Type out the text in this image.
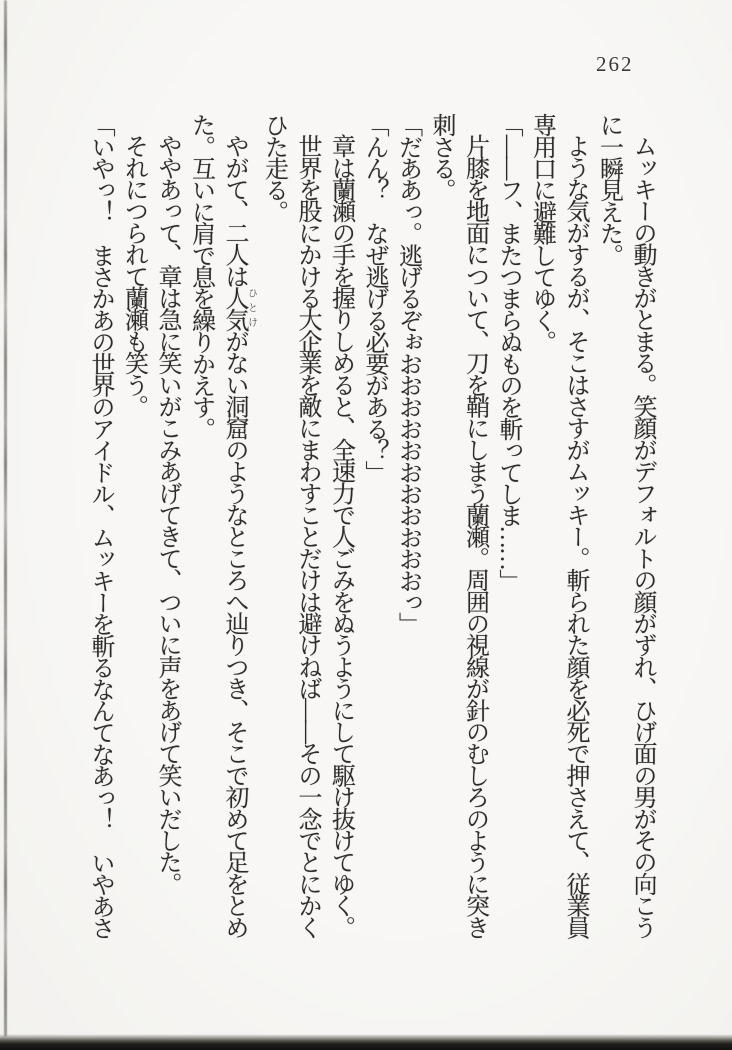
262

ムッキーの動きがとまる。笑顔がデフォルトの顔がずれ、ひげ面の男がその向こう

に一瞬見えた。

ような気がするが、そこはさすがムッキー。斬られた顔を必死で押さえて、従業員

専用口に避難してゆく。

「――フ、またつまらぬものを斬ってしま……」

片膝を地面について、刀を鞘にしまう蘭瀬。周囲の視線が針のむしろのように突き

刺さる。

「だああっ。逃げるぞぉおおおおおおおおおおおっ」

「んん？　なぜ逃げる必要がある？」

章は蘭瀬の手を握りしめると、全速力で人ごみをぬうようにして駆け抜けてゆく。

世界を股にかける大企業を敵にまわすことだけは避けねば――その一念でとにかく

ひた走る。

やがて、二人は人気ひとけがない洞窟のようなところへ辿りつき、そこで初めて足をとめ

た。互いに肩で息を繰りかえす。

ややあって、章は急に笑いがこみあげてきて、ついに声をあげて笑いだした。

それにつられて蘭瀬も笑う。

「いやっ！　まさかあの世界のアイドル、ムッキーを斬るなんてなあっ！　いやあさ
